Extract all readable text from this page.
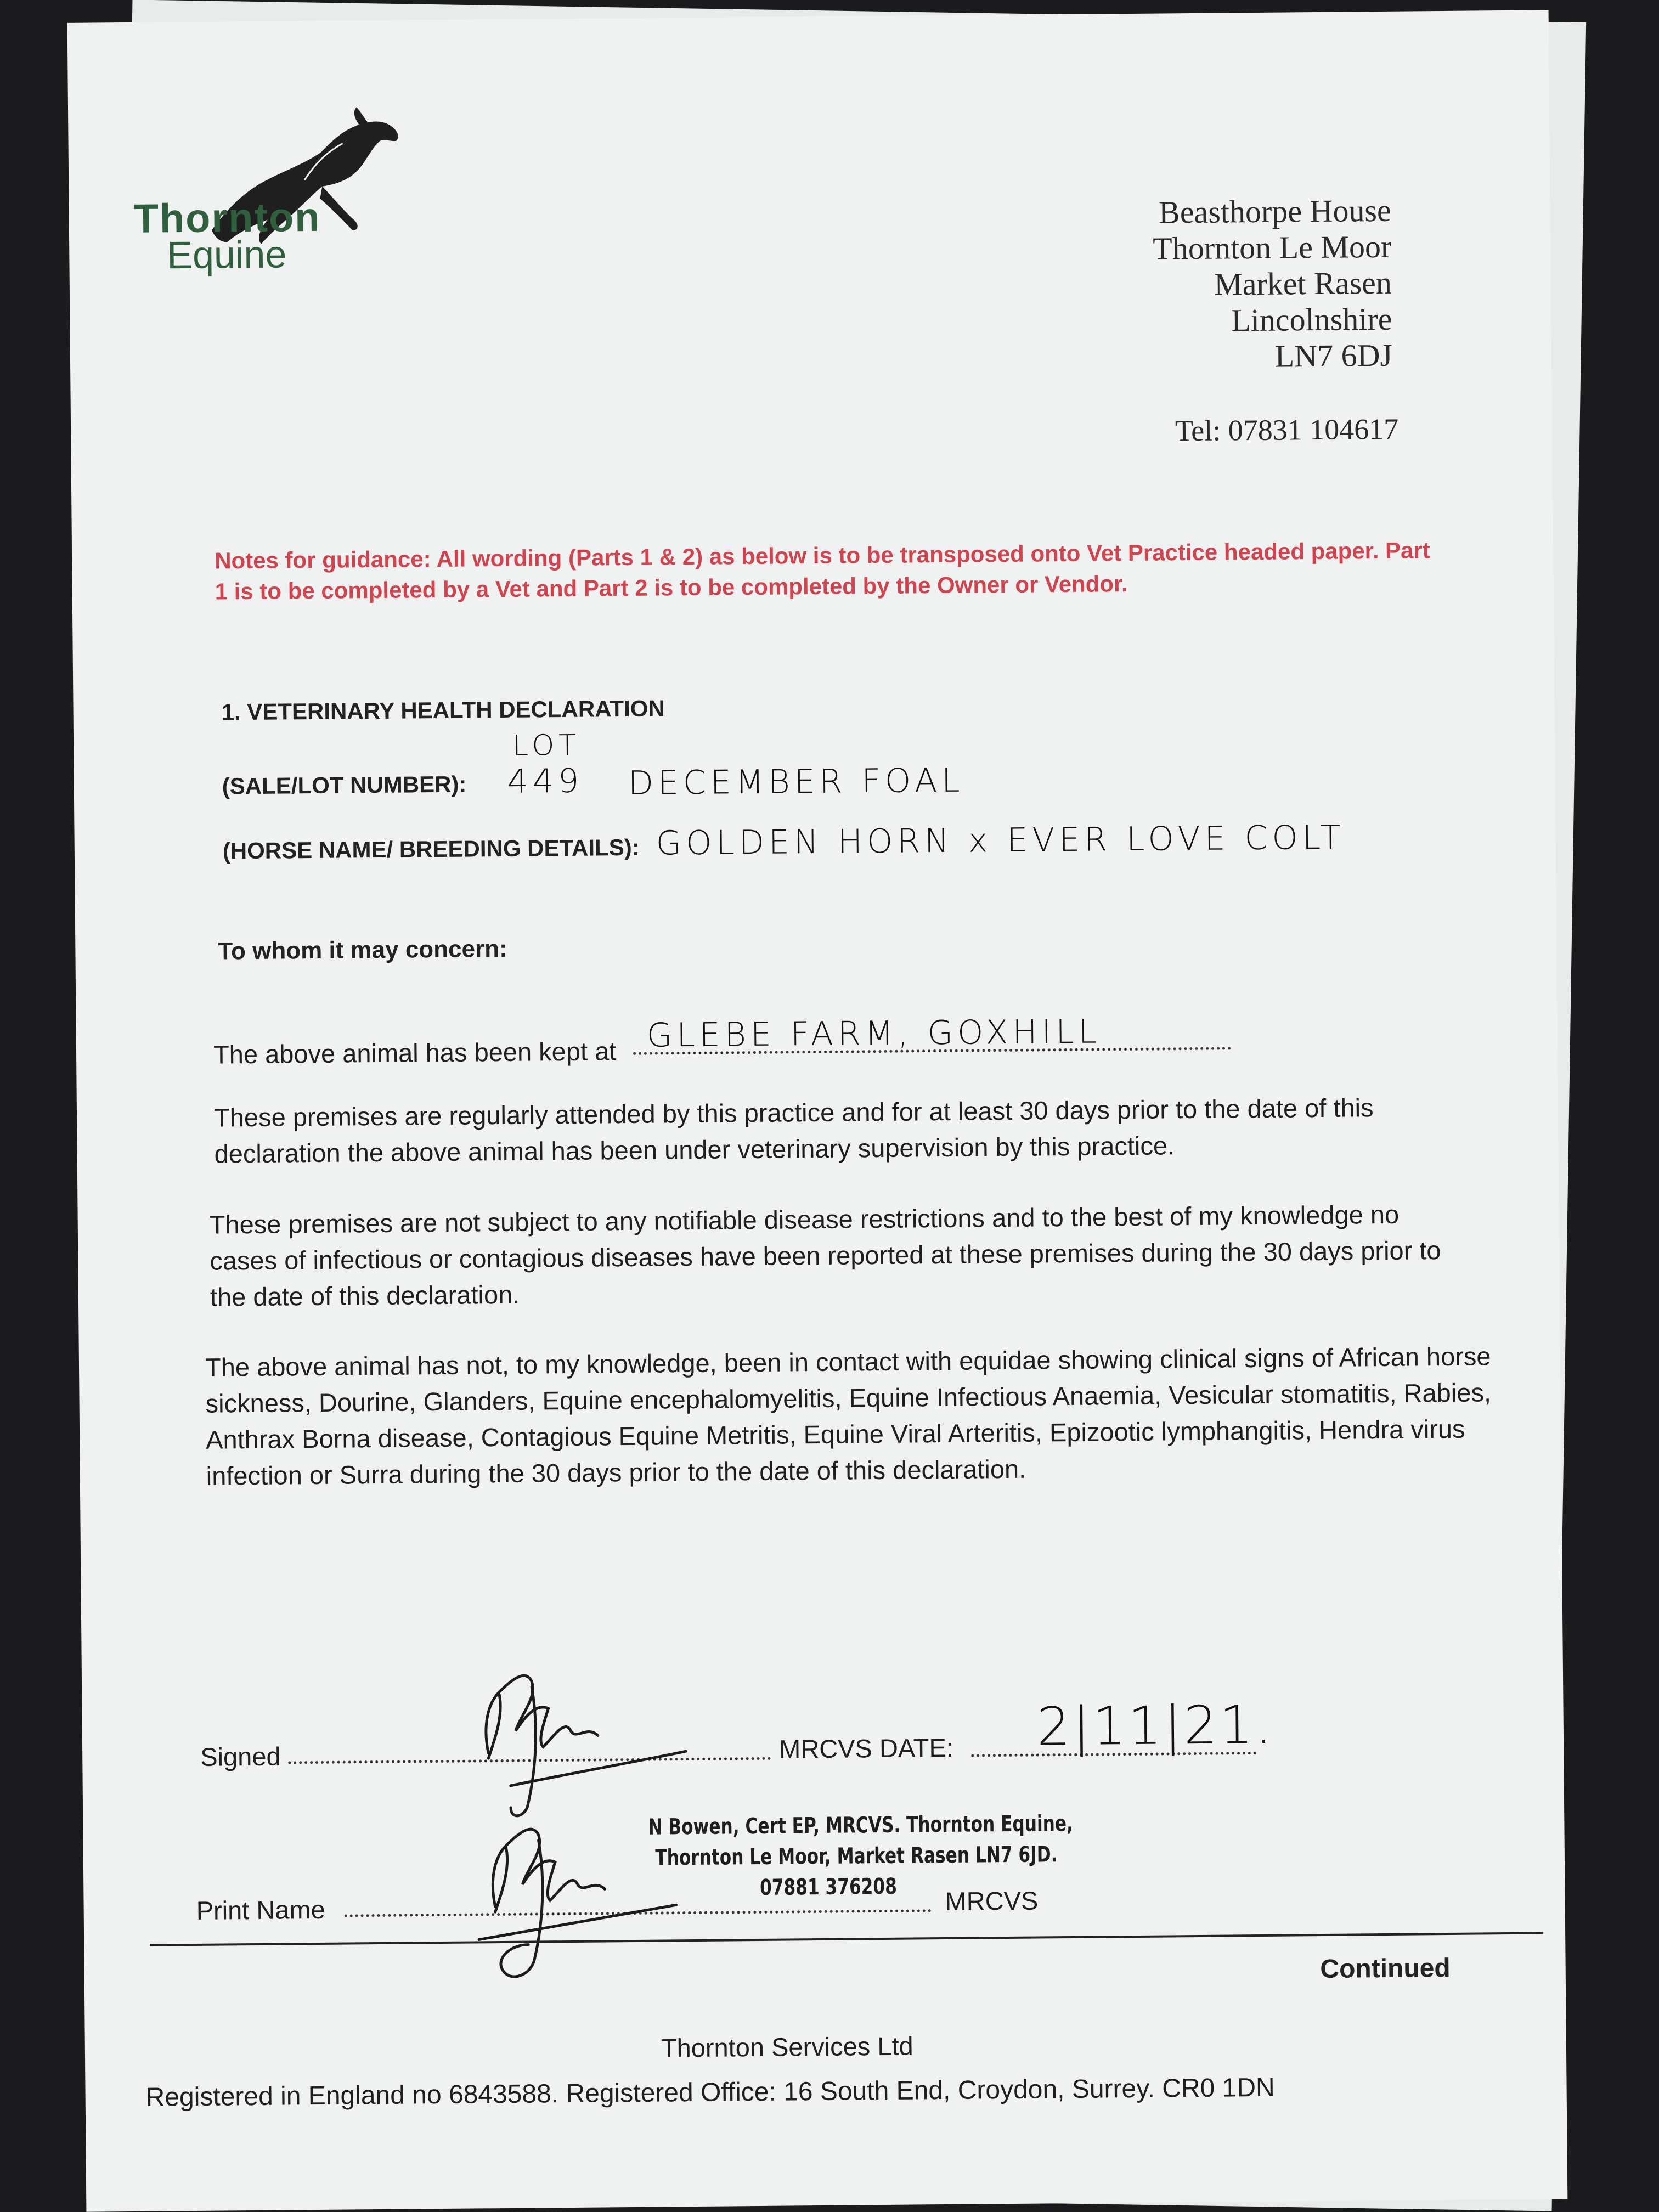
Thornton
Equine
Beasthorpe House
Thornton Le Moor
Market Rasen
Lincolnshire
LN7 6DJ
Tel: 07831 104617
Notes for guidance: All wording (Parts 1 & 2) as below is to be transposed onto Vet Practice headed paper. Part 1 is to be completed by a Vet and Part 2 is to be completed by the Owner or Vendor.
1. VETERINARY HEALTH DECLARATION
(SALE/LOT NUMBER):
LOT
449 DECEMBER FOAL
(HORSE NAME/ BREEDING DETAILS): GOLDEN HORN x EVER LOVE COLT
To whom it may concern:
The above animal has been kept at GLEBE FARM, GOXHILL
These premises are regularly attended by this practice and for at least 30 days prior to the date of this declaration the above animal has been under veterinary supervision by this practice.
These premises are not subject to any notifiable disease restrictions and to the best of my knowledge no cases of infectious or contagious diseases have been reported at these premises during the 30 days prior to the date of this declaration.
The above animal has not, to my knowledge, been in contact with equidae showing clinical signs of African horse sickness, Dourine, Glanders, Equine encephalomyelitis, Equine Infectious Anaemia, Vesicular stomatitis, Rabies, Anthrax Borna disease, Contagious Equine Metritis, Equine Viral Arteritis, Epizootic lymphangitis, Hendra virus infection or Surra during the 30 days prior to the date of this declaration.
Signed	MRCVS DATE: 2|11|21.
N Bowen, Cert EP, MRCVS. Thornton Equine,
Thornton Le Moor, Market Rasen LN7 6JD.
07881 376208
Print Name	MRCVS
Continued
Thornton Services Ltd
Registered in England no 6843588. Registered Office: 16 South End, Croydon, Surrey. CR0 1DN
